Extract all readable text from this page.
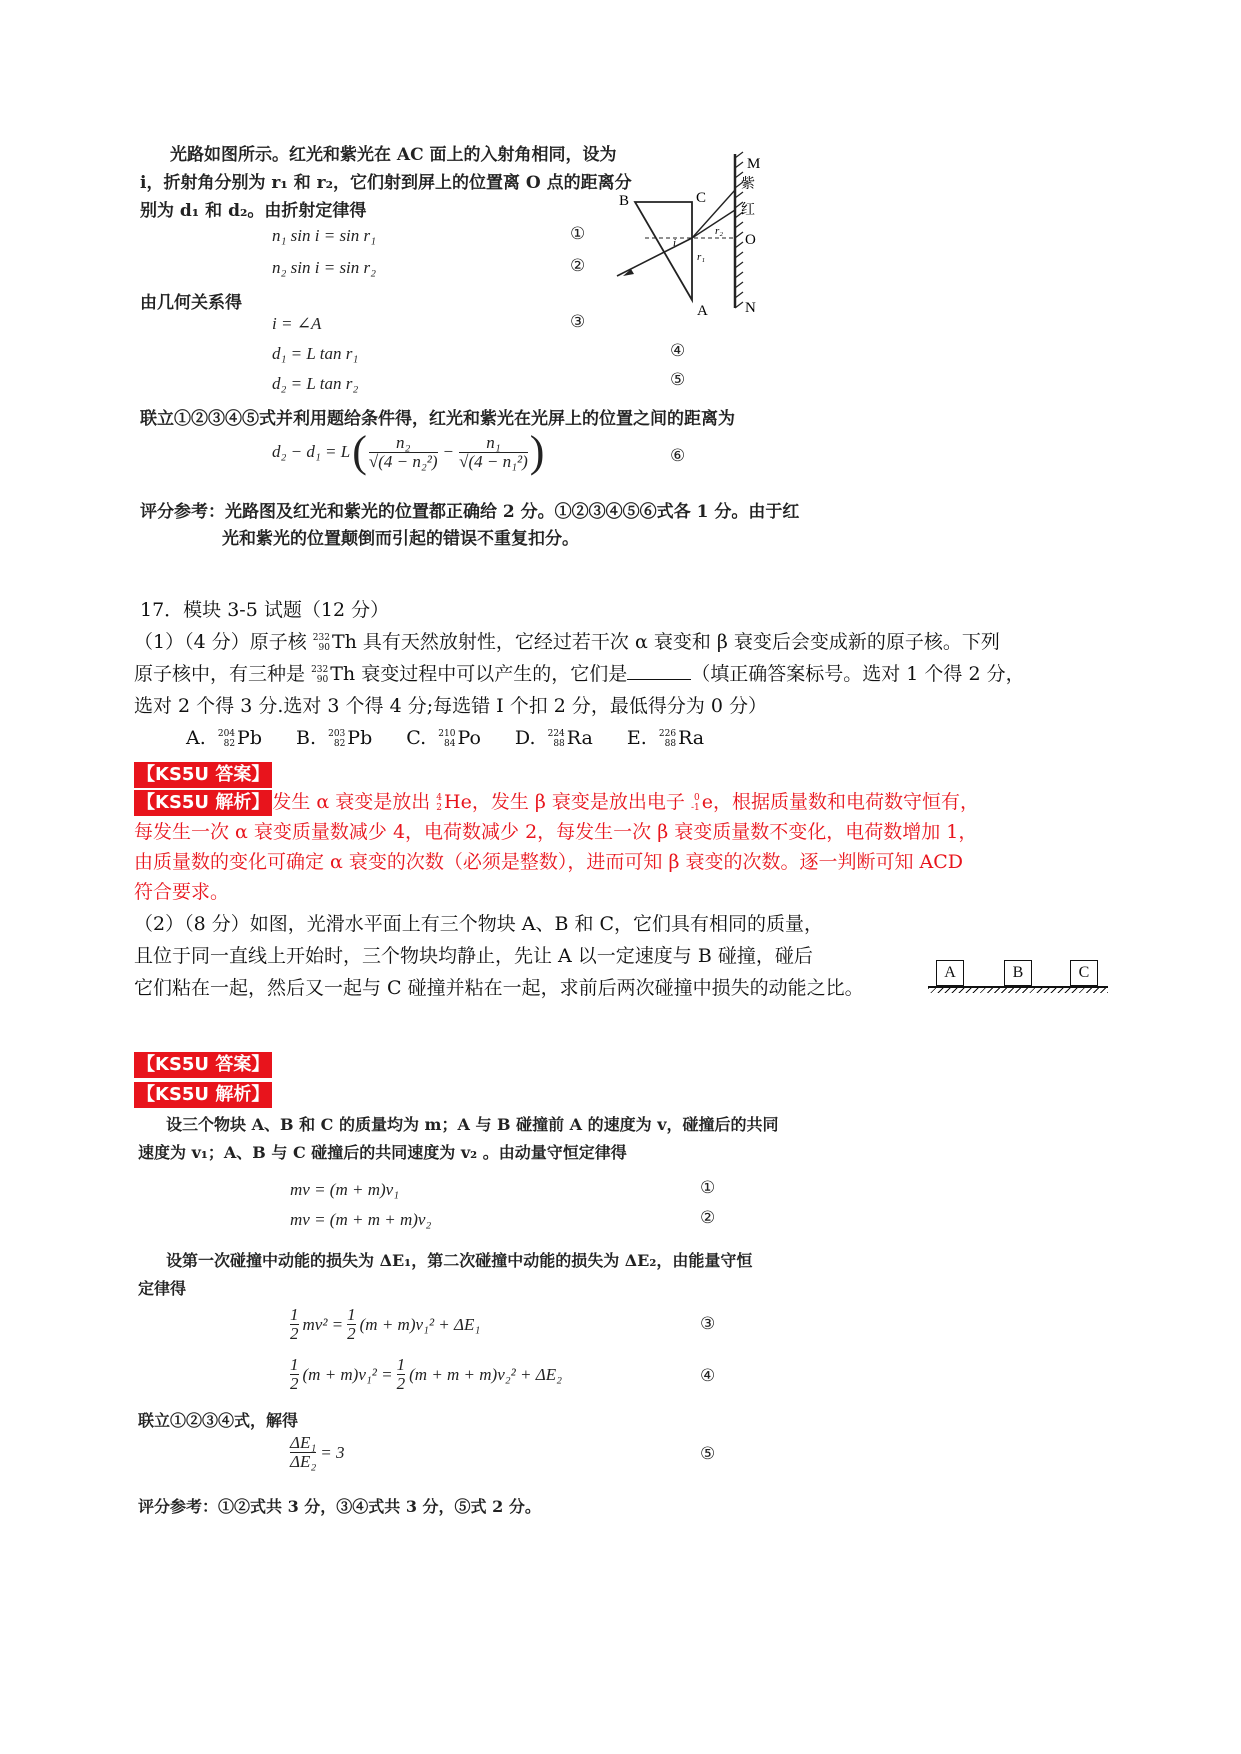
光路如图所示。红光和紫光在 AC 面上的入射角相同，设为
i，折射角分别为 r₁ 和 r₂，它们射到屏上的位置离 O 点的距离分
别为 d₁ 和 d₂。由折射定律得
n₁ sin i = sin r₁	①
n₂ sin i = sin r₂	②
由几何关系得
i = ∠A	③
d₁ = L tan r₁	④
d₂ = L tan r₂	⑤
联立①②③④⑤式并利用题给条件得，红光和紫光在光屏上的位置之间的距离为
d₂ − d₁ = L ( $\frac{\text{n₂}}{\text{√(4 − n₂²)}} - \frac{\text{n₁}}{\text{√(4 − n₁²)}}$ )	⑥
评分参考：光路图及红光和紫光的位置都正确给 2 分。①②③④⑤⑥式各 1 分。由于红
光和紫光的位置颠倒而引起的错误不重复扣分。
M
紫
红
O
N
B	C
A
i
r₂
r₁
17．模块 3-5 试题（12 分）
（1）（4 分）原子核 232
90 Th 具有天然放射性，它经过若干次 α 衰变和 β 衰变后会变成新的原子核。下列
原子核中，有三种是 232
90 Th 衰变过程中可以产生的，它们是	（填正确答案标号。选对 1 个得 2 分，
选对 2 个得 3 分.选对 3 个得 4 分;每选错 I 个扣 2 分，最低得分为 0 分）
A. 204
82 Pb B. 203
82 Pb C. 210
84 Po D. 224
88 Ra E. 226
88 Ra
【KS5U 答案】
【KS5U 解析】 发生 α 衰变是放出 4
2 He，发生 β 衰变是放出电子 0
-1 e，根据质量数和电荷数守恒有，
每发生一次 α 衰变质量数减少 4，电荷数减少 2，每发生一次 β 衰变质量数不变化，电荷数增加 1，
由质量数的变化可确定 α 衰变的次数（必须是整数），进而可知 β 衰变的次数。逐一判断可知 ACD
符合要求。
（2）（8 分）如图，光滑水平面上有三个物块 A、B 和 C，它们具有相同的质量，
且位于同一直线上开始时，三个物块均静止，先让 A 以一定速度与 B 碰撞，碰后
它们粘在一起，然后又一起与 C 碰撞并粘在一起，求前后两次碰撞中损失的动能之比。
A	B	C
【KS5U 答案】
【KS5U 解析】
设三个物块 A、B 和 C 的质量均为 m；A 与 B 碰撞前 A 的速度为 v，碰撞后的共同
速度为 v₁；A、B 与 C 碰撞后的共同速度为 v₂ 。由动量守恒定律得
mv = (m + m)v₁	①
mv = (m + m + m)v₂	②
设第一次碰撞中动能的损失为 ΔE₁，第二次碰撞中动能的损失为 ΔE₂，由能量守恒
定律得
$\frac{1}{2} mv^2 = \frac{1}{2} (m + m)v_1^2 + \Delta E_1$	③
$\frac{1}{2} (m + m)v_1^2 = \frac{1}{2} (m + m + m)v_2^2 + \Delta E_2$	④
联立①②③④式，解得
$\frac{\text{ΔE₁}}{\text{ΔE₂}} = 3$	⑤
评分参考：①②式共 3 分，③④式共 3 分，⑤式 2 分。
